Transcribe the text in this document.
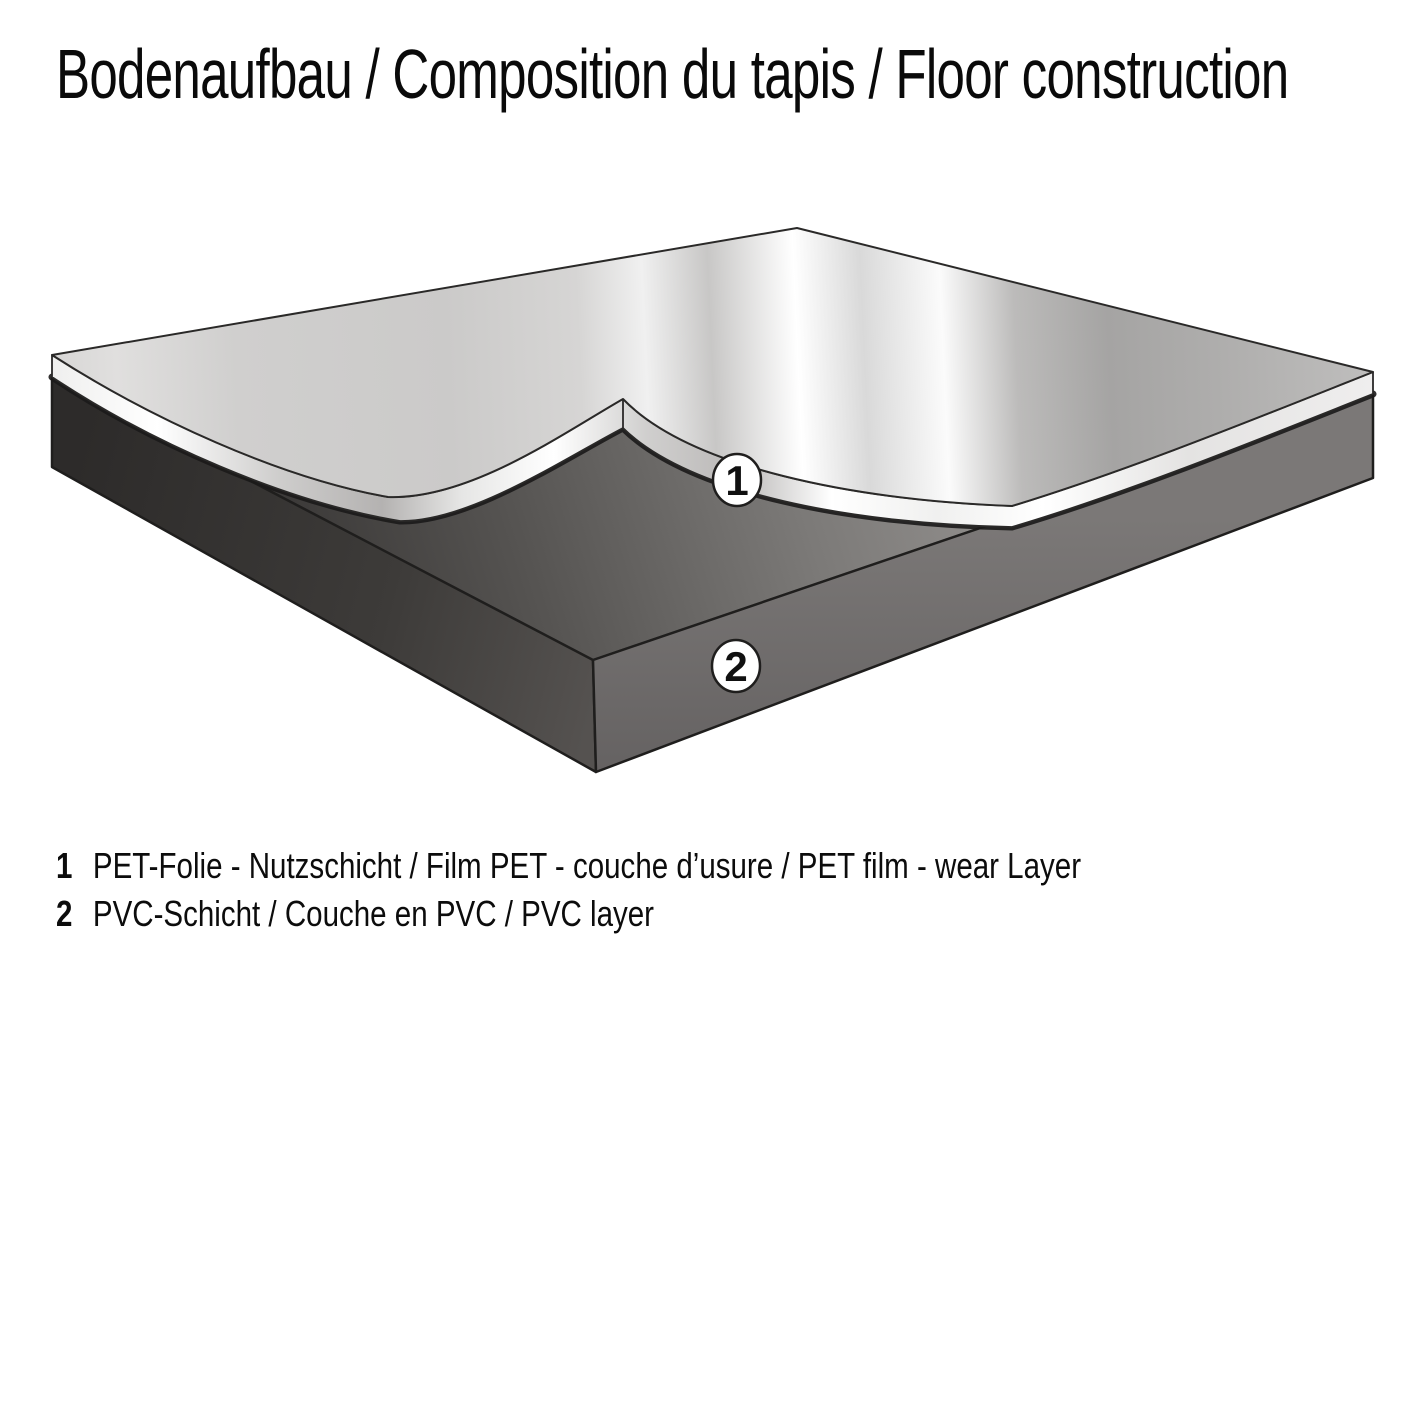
Bodenaufbau / Composition du tapis / Floor construction
1
2
1 PET-Folie - Nutzschicht / Film PET - couche d’usure / PET film - wear Layer
2 PVC-Schicht / Couche en PVC / PVC layer
